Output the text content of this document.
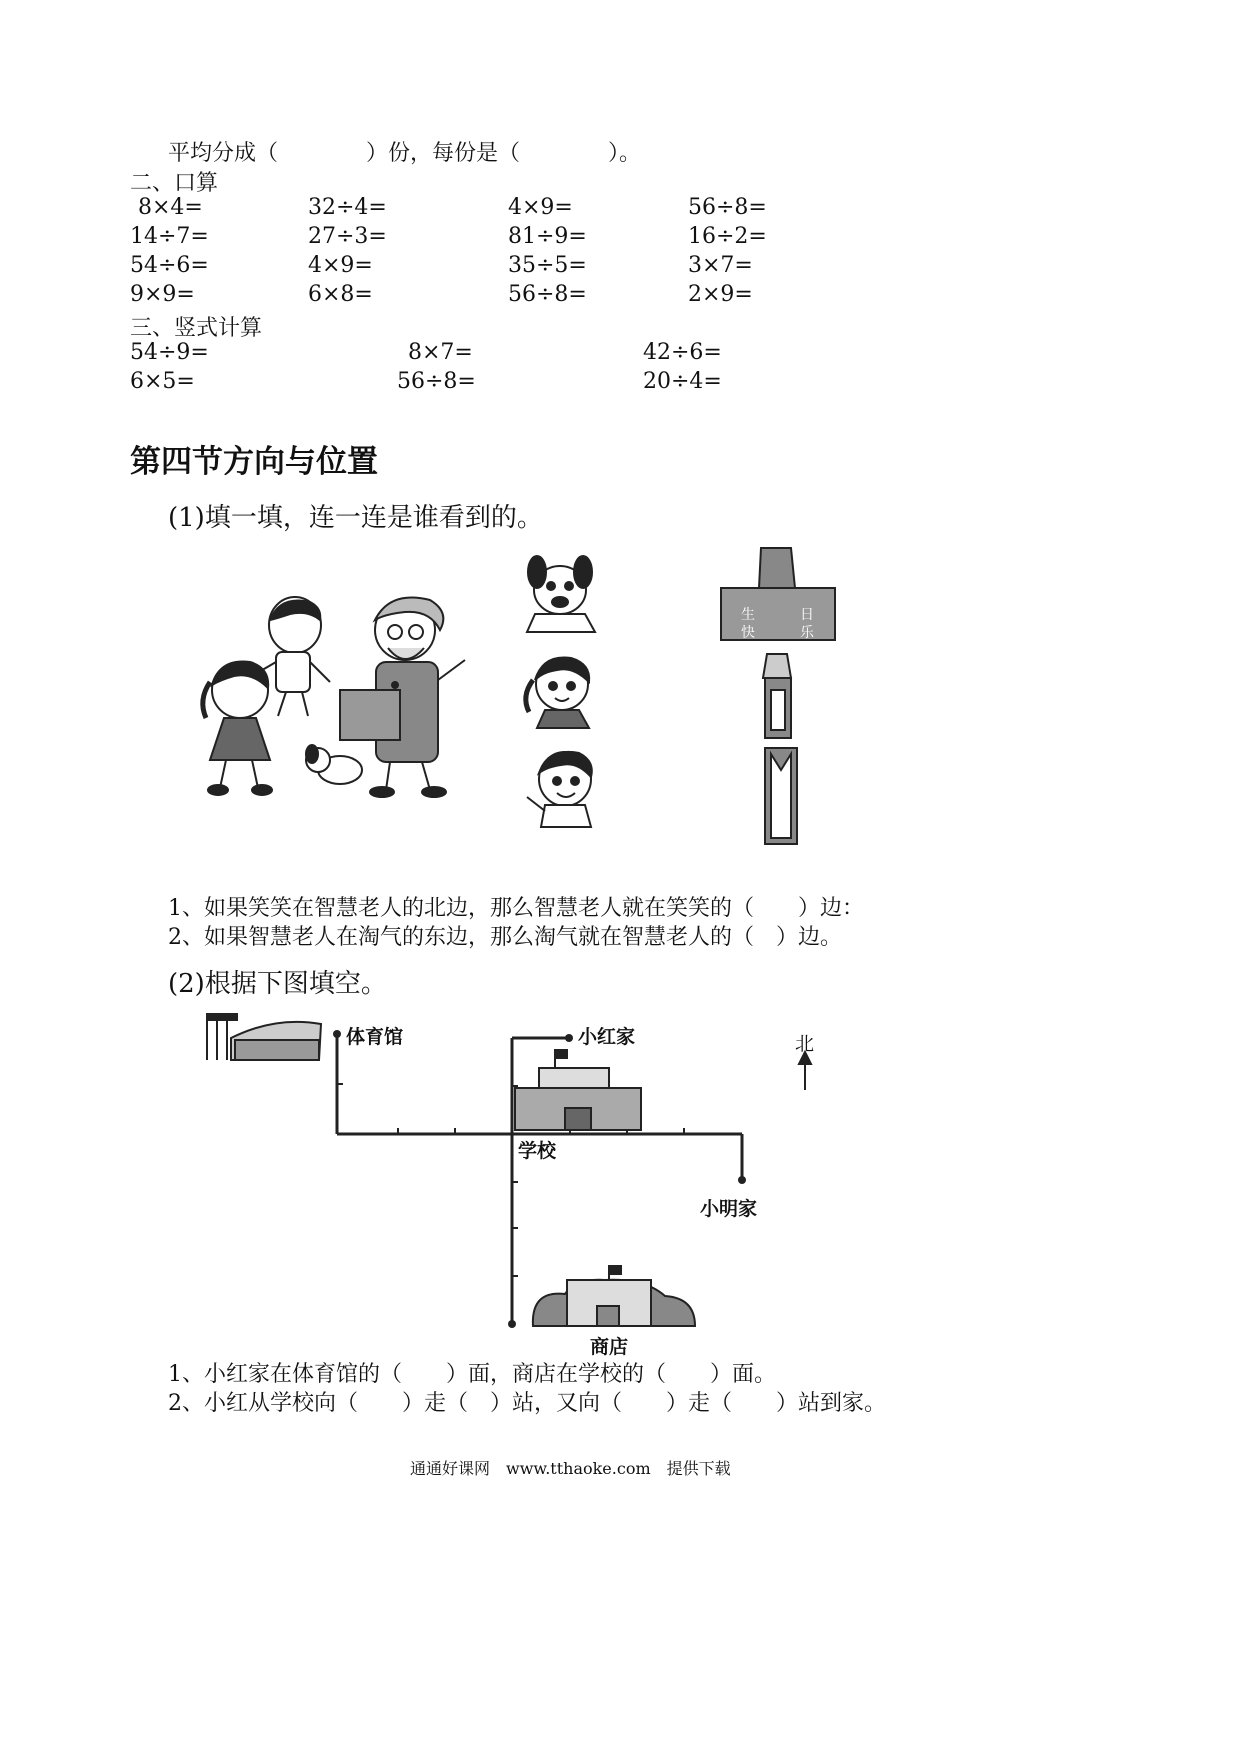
平均分成（　　　　）份，每份是（　　　　）。
二、口算
8×4=	32÷4=	4×9=	56÷8=
14÷7=	27÷3=	81÷9=	16÷2=
54÷6=	4×9=	35÷5=	3×7=
9×9=	6×8=	56÷8=	2×9=
三、竖式计算
54÷9=	8×7=	42÷6=
6×5=	56÷8=	20÷4=
第四节方向与位置
(1)填一填，连一连是谁看到的。
生	日
快	乐
1、如果笑笑在智慧老人的北边，那么智慧老人就在笑笑的（　　）边：
2、如果智慧老人在淘气的东边，那么淘气就在智慧老人的（　）边。
(2)根据下图填空。
体育馆	小红家	北
学校
小明家
商店
1、小红家在体育馆的（　　）面，商店在学校的（　　）面。
2、小红从学校向（　　）走（　）站，又向（　　）走（　　）站到家。
通通好课网　www.tthaoke.com　提供下载
